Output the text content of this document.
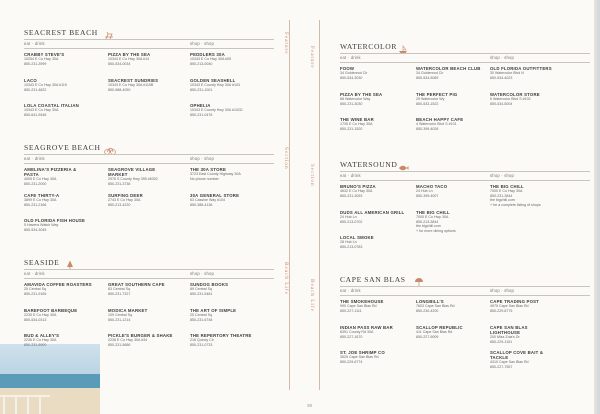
SEACREST BEACH
eat · drink	shop · shop
CRABBY STEVE'S
10254 E Co Hwy 30A
850-231-3999
PIZZA BY THE SEA
10343 E Co Hwy 30A #14
850-534-0034
PEDDLERS 30A
10343 E Co Hwy 30A #05
850-213-0040
LACO
10343 E Co Hwy 30A #119
850-231-4822
SEACREST SUNDRIES
10343 E Co Hwy 30A #115B
850-588-4050
GOLDEN SEASHELL
10343 E County Hwy 30A #103
850-231-1001
LOLA COASTAL ITALIAN
10343 E Co Hwy 30A
850-641-9446
OPHELIA
10343 E County Hwy 30A #102D
850-231-0476
Feature
SEAGROVE BEACH
eat · drink	shop · shop
AMELINA'S PIZZERIA & PASTA
4005 E Co Hwy 30A
850-231-2000
SEAGROVE VILLAGE MARKET
2976 S County Hwy 395 #6302
850-231-3736
THE 30A STORE
3723 East County Highway 30A
No phone number
CAFE THIRTY-A
3899 E Co Hwy 30A
850-231-2166
SURFING DEER
2743 E Co Hwy 30A
850-213-4220
30A GENERAL STORE
63 Cassine Way #104
850-388-4136
OLD FLORIDA FISH HOUSE
5 Havens Watch Way
850-534-3045
Section
SEASIDE
eat · drink	shop · shop
AMAVIDA COFFEE ROASTERS
25 Central Sq
850-231-9165
GREAT SOUTHERN CAFE
83 Central Sq
850-231-7327
SUNDOG BOOKS
89 Central Sq
850-231-5481
BAREFOOT BARBEQUE
2235 E Co Hwy 30A
850-534-0313
MODICA MARKET
109 Central Sq
850-231-1214
THE ART OF SIMPLE
25 Central Sq
850-231-6748
BUD & ALLEY'S
2236 E Co Hwy 30A
850-231-5900
PICKLE'S BURGER & SHAKE
2236 E Co Hwy 30A #34
850-231-5686
THE REPERTORY THEATRE
216 Quincy Cir
850-231-0733
Beach Life
38
WATERCOLOR
eat · drink	shop · shop
FOOW
34 Goldenrod Cir
850-534-3030
WATERCOLOR BEACH CLUB
34 Goldenrod Cir
850-534-5089
OLD FLORIDA OUTFITTERS
30 Watercolor Blvd N
850-534-4023
PIZZA BY THE SEA
88 Watercolor Way
850-231-3030
THE PERFECT PIG
29 Watercolor Wy
850-533-1522
WATERCOLOR STORE
6 Watercolor Blvd S #102
850-534-5004
THE WINE BAR
1735 E Co Hwy 30A
850-231-1520
BEACH HAPPY CAFE
4 Watercolor Blvd S #101
850-399-4028
Feature
WATERSOUND
eat · drink	shop · shop
BRUNO'S PIZZA
4632 E Co Hwy 30A
850-231-3093
MACHO TACO
24 Hub Ln
850-399-4007
THE BIG CHILL
7000 E Co Hwy 30A
850-231-3844
the bigchill.com
+ for a complete listing of shops
DUDS ALL AMERICAN GRILL
24 Hub Ln
850-213-0702
THE BIG CHILL
7000 E Co Hwy 30A
850-213-3844
the bigchill.com
+ for more dining options
LOCAL SMOKE
28 Hub Ln
850-213-0783
Section
CAPE SAN BLAS
eat · drink	shop · shop
THE SMOKEHOUSE
990 Cape San Blas Rd
850-227-1111
LONGBILL'S
7603 Cape San Blas Rd
850-230-4200
CAPE TRADING POST
4975 Cape San Blas Rd
850-229-8775
INDIAN PASS RAW BAR
8391 County Rd 30A
850-227-1670
SCALLOP REPUBLIC
411 Cape San Blas Rd
850-227-9009
CAPE SAN BLAS LIGHTHOUSE
200 Miss Zola's Dr
850-229-1151
ST. JOE SHRIMP CO
3525 Cape San Blas Rd
850-229-6774
SCALLOP COVE BAIT & TACKLE
4310 Cape San Blas Rd
850-227-7557
Beach Life
